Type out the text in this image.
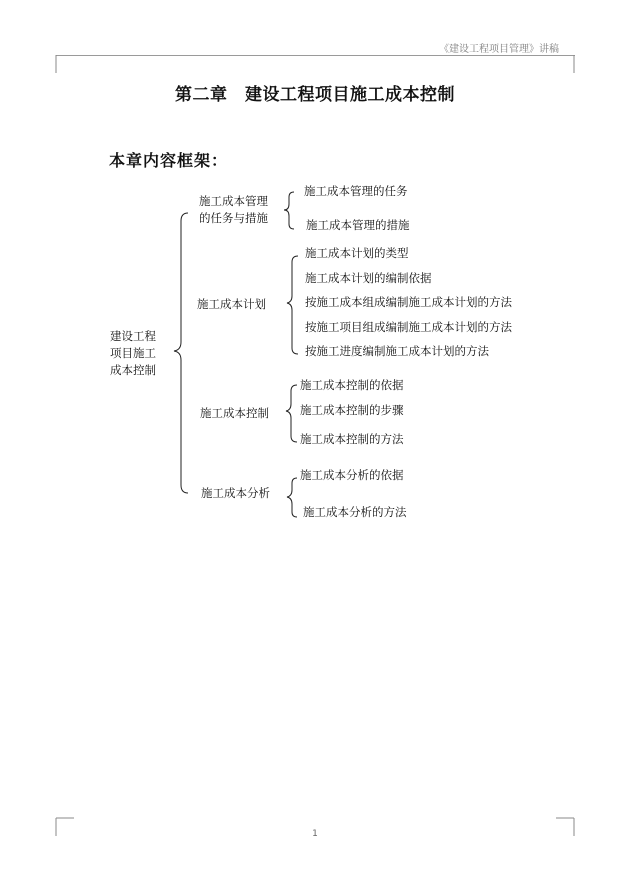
《建设工程项目管理》讲稿
第二章　建设工程项目施工成本控制
本章内容框架：
建设工程
项目施工
成本控制
施工成本管理
的任务与措施
施工成本管理的任务
施工成本管理的措施
施工成本计划
施工成本计划的类型
施工成本计划的编制依据
按施工成本组成编制施工成本计划的方法
按施工项目组成编制施工成本计划的方法
按施工进度编制施工成本计划的方法
施工成本控制
施工成本控制的依据
施工成本控制的步骤
施工成本控制的方法
施工成本分析
施工成本分析的依据
施工成本分析的方法
1
